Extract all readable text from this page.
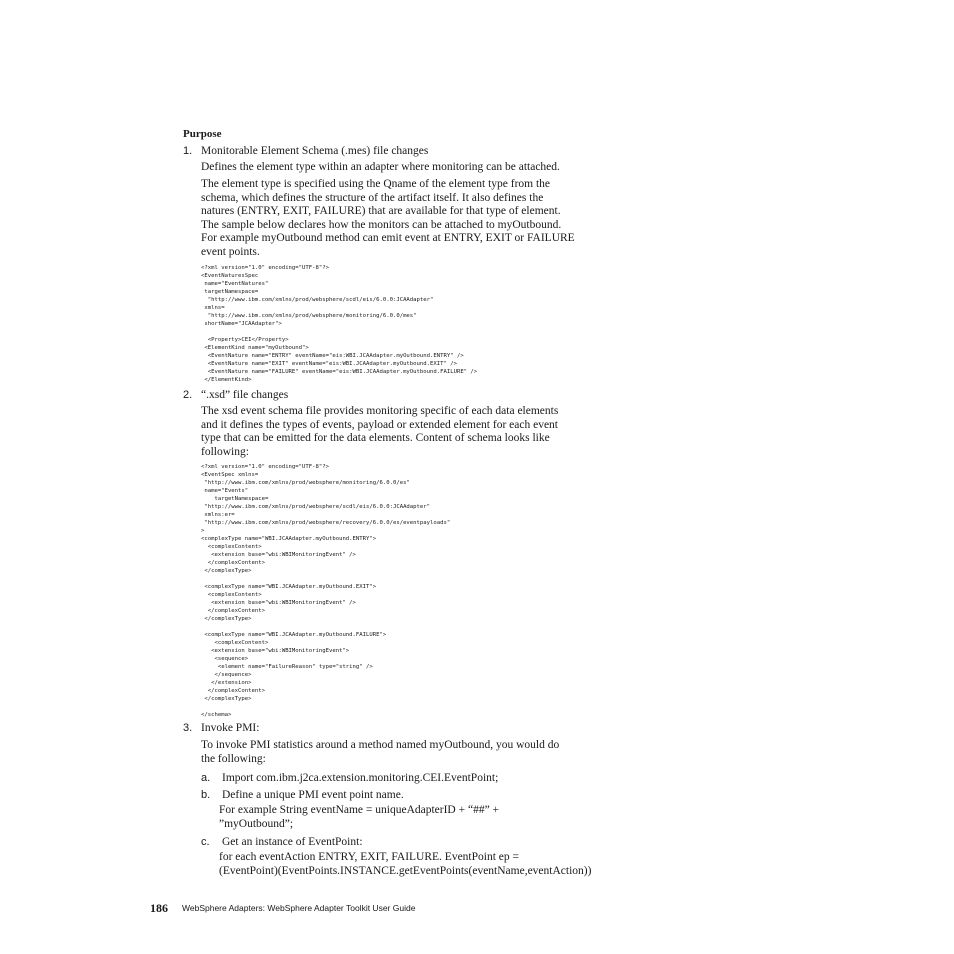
Purpose
1. Monitorable Element Schema (.mes) file changes

Defines the element type within an adapter where monitoring can be attached.

The element type is specified using the Qname of the element type from the
schema, which defines the structure of the artifact itself. It also defines the
natures (ENTRY, EXIT, FAILURE) that are available for that type of element.
The sample below declares how the monitors can be attached to myOutbound.
For example myOutbound method can emit event at ENTRY, EXIT or FAILURE
event points.

<?xml version="1.0" encoding="UTF-8"?>
<EventNaturesSpec
name="EventNatures"
targetNamespace=
"http://www.ibm.com/xmlns/prod/websphere/scdl/eis/6.0.0:JCAAdapter"
xmlns=
"http://www.ibm.com/xmlns/prod/websphere/monitoring/6.0.0/mes"
shortName="JCAAdapter">

<Property>CEI</Property>
<ElementKind name="myOutbound">
<EventNature name="ENTRY" eventName="eis:WBI.JCAAdapter.myOutbound.ENTRY" />
<EventNature name="EXIT" eventName="eis:WBI.JCAAdapter.myOutbound.EXIT" />
<EventNature name="FAILURE" eventName="eis:WBI.JCAAdapter.myOutbound.FAILURE" />
</ElementKind>
2. “.xsd” file changes

The xsd event schema file provides monitoring specific of each data elements
and it defines the types of events, payload or extended element for each event
type that can be emitted for the data elements. Content of schema looks like
following:

<?xml version="1.0" encoding="UTF-8"?>
<EventSpec xmlns=
"http://www.ibm.com/xmlns/prod/websphere/monitoring/6.0.0/es"
name="Events"
targetNamespace=
"http://www.ibm.com/xmlns/prod/websphere/scdl/eis/6.0.0:JCAAdapter"
xmlns:er=
"http://www.ibm.com/xmlns/prod/websphere/recovery/6.0.0/es/eventpayloads"
>
<complexType name="WBI.JCAAdapter.myOutbound.ENTRY">
<complexContent>
<extension base="wbi:WBIMonitoringEvent" />
</complexContent>
</complexType>

<complexType name="WBI.JCAAdapter.myOutbound.EXIT">
<complexContent>
<extension base="wbi:WBIMonitoringEvent" />
</complexContent>
</complexType>

<complexType name="WBI.JCAAdapter.myOutbound.FAILURE">
<complexContent>
<extension base="wbi:WBIMonitoringEvent">
<sequence>
<element name="FailureReason" type="string" />
</sequence>
</extension>
</complexContent>
</complexType>

</schema>
3. Invoke PMI:

To invoke PMI statistics around a method named myOutbound, you would do
the following:

a. Import com.ibm.j2ca.extension.monitoring.CEI.EventPoint;
b. Define a unique PMI event point name.

For example String eventName = uniqueAdapterID + “##” +
”myOutbound”;

c. Get an instance of EventPoint:

for each eventAction ENTRY, EXIT, FAILURE. EventPoint ep =
(EventPoint)(EventPoints.INSTANCE.getEventPoints(eventName,eventAction))

186 WebSphere Adapters: WebSphere Adapter Toolkit User Guide
